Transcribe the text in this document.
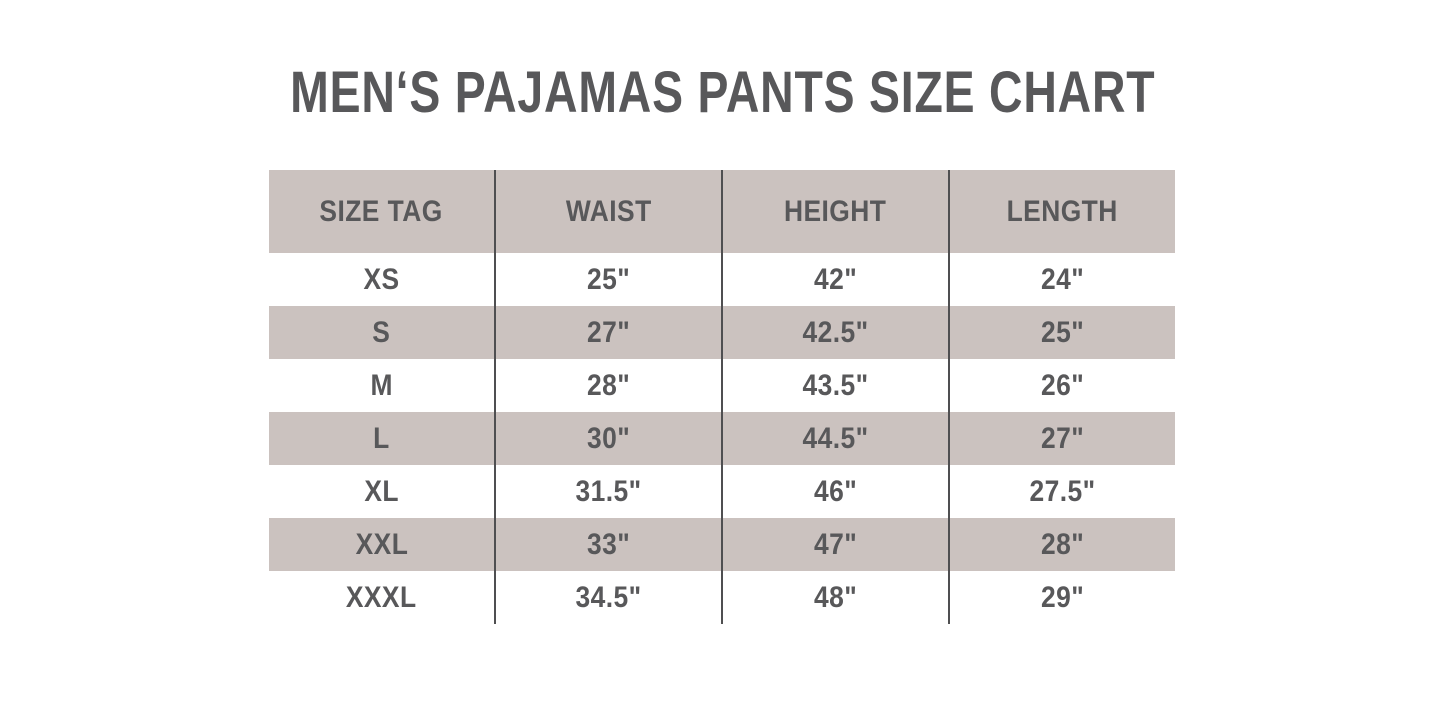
MEN‘S PAJAMAS PANTS SIZE CHART
SIZE TAG	WAIST	HEIGHT	LENGTH
XS	25"	42"	24"
S	27"	42.5"	25"
M	28"	43.5"	26"
L	30"	44.5"	27"
XL	31.5"	46"	27.5"
XXL	33"	47"	28"
XXXL	34.5"	48"	29"
